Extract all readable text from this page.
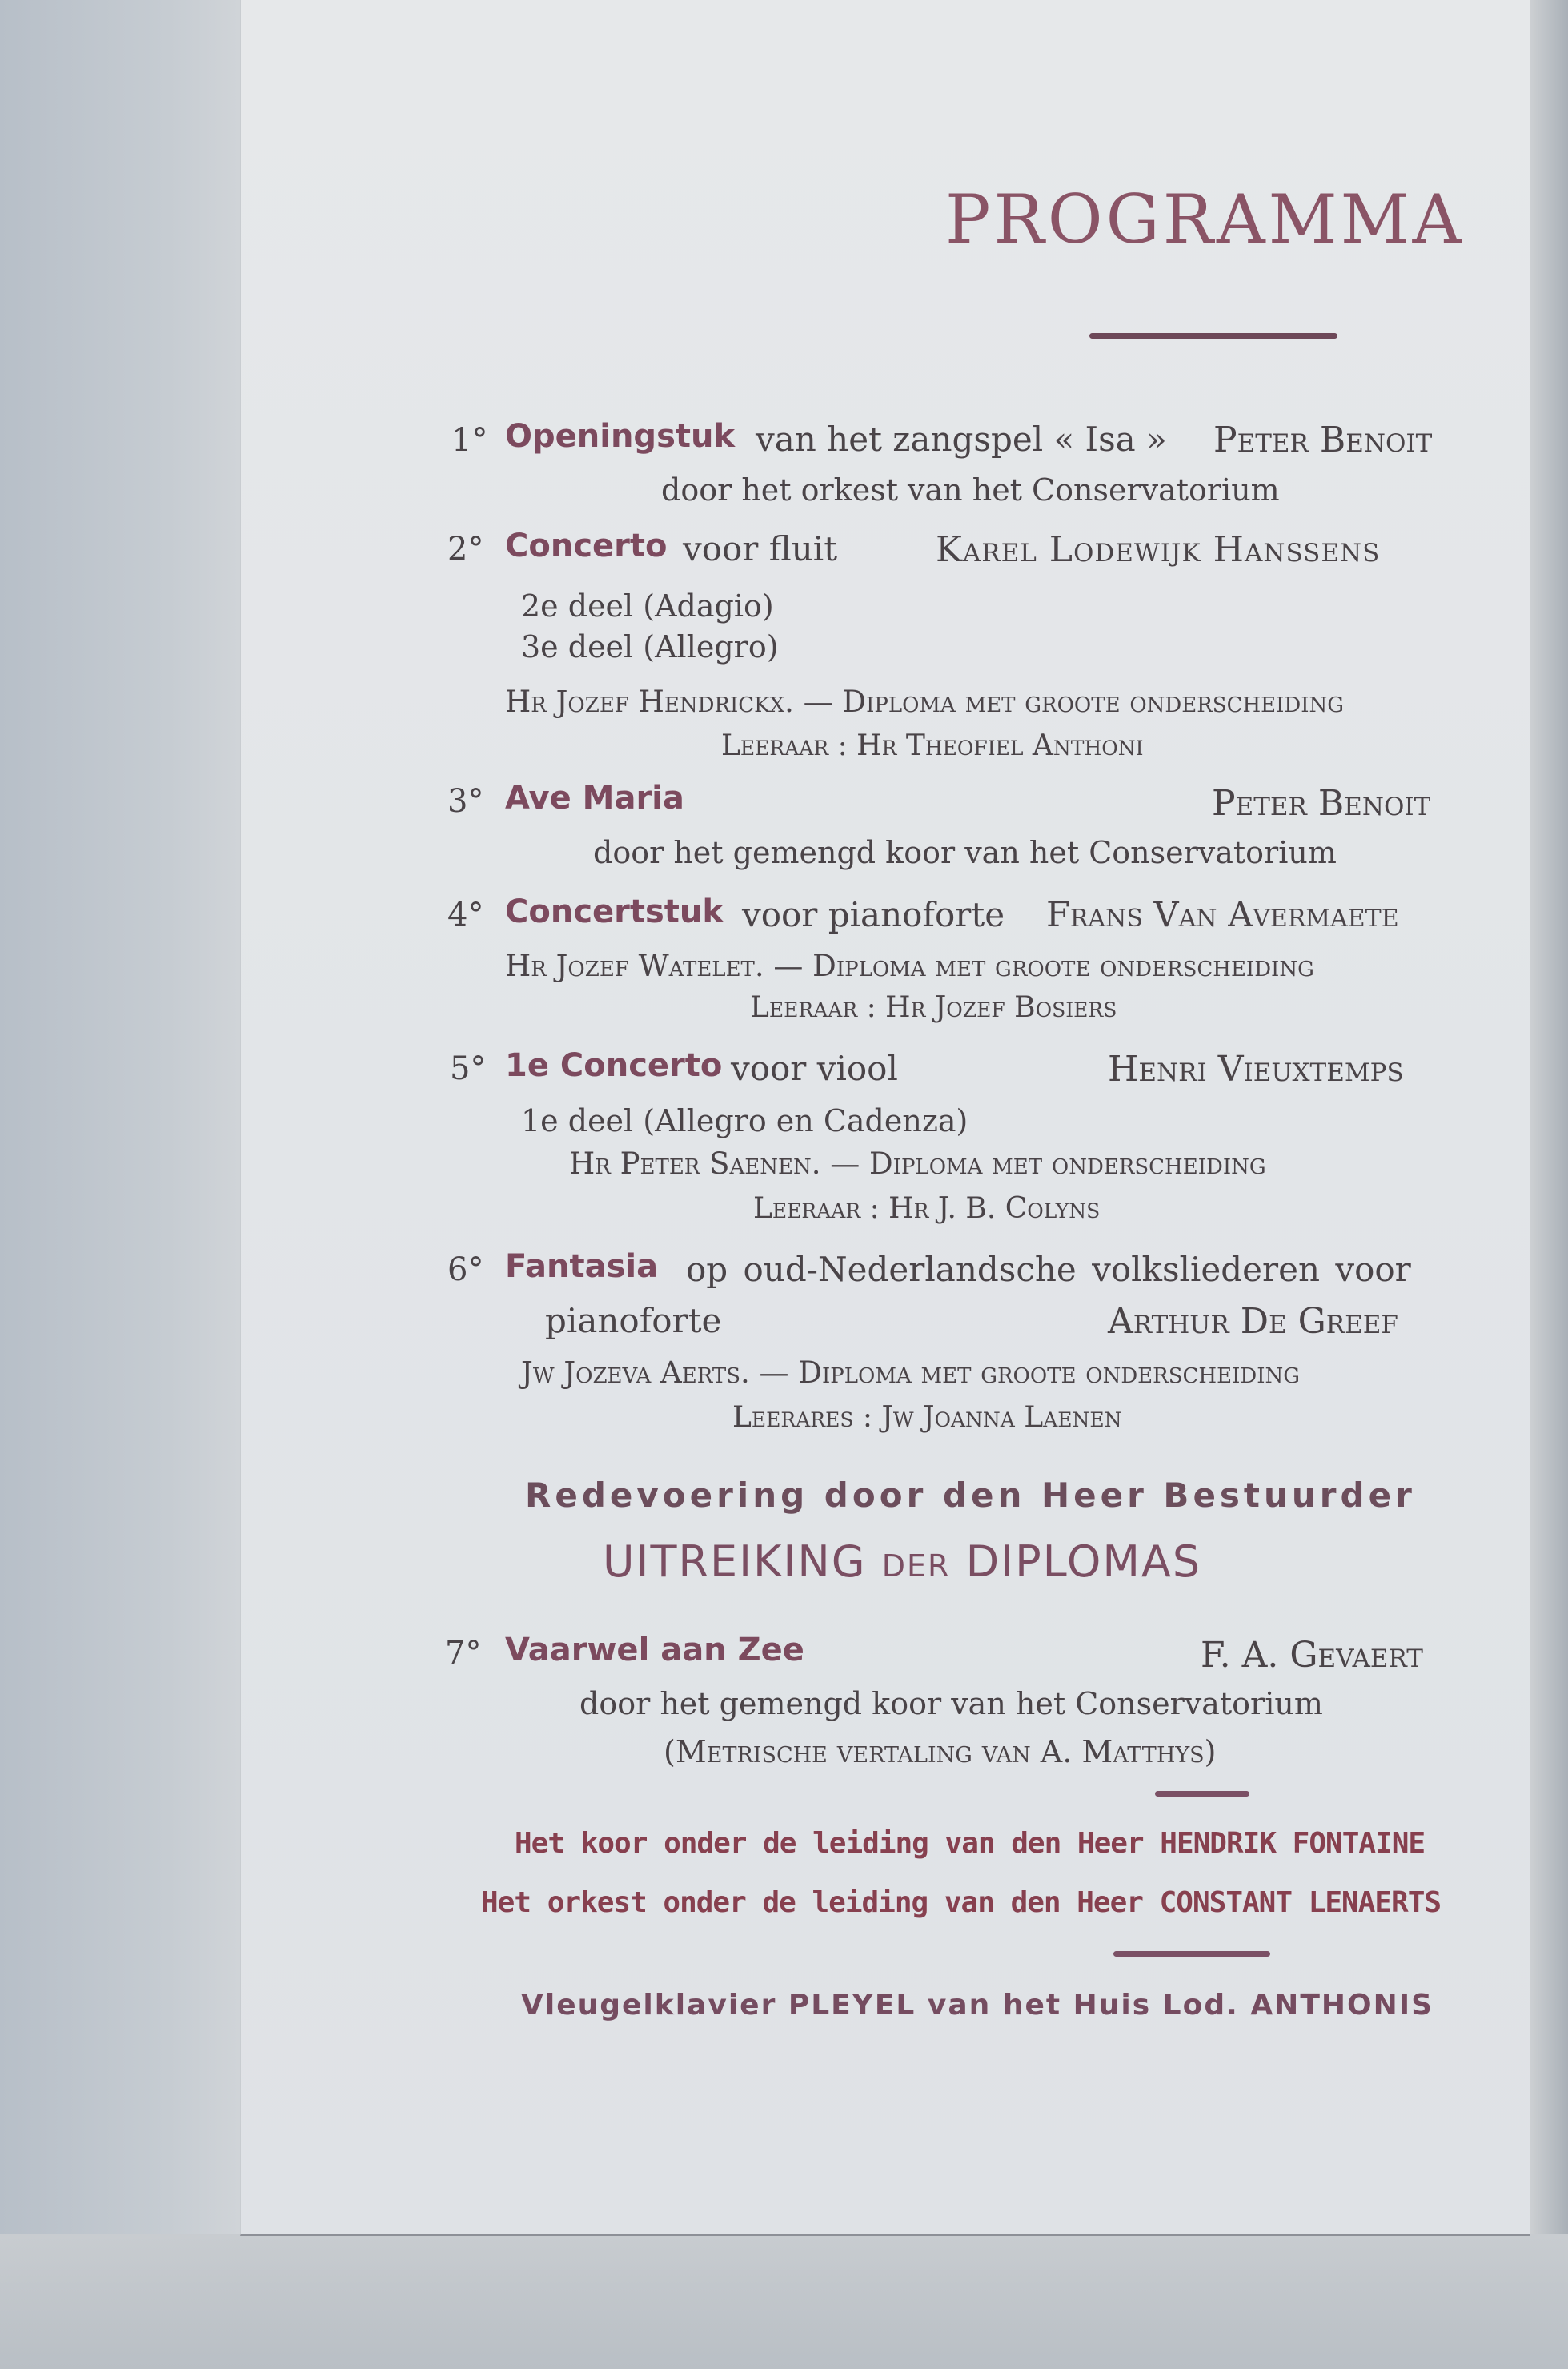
PROGRAMMA
1° Openingstuk van het zangspel « Isa » Peter Benoit
door het orkest van het Conservatorium
2° Concerto voor fluit	Karel Lodewijk Hanssens
2e deel (Adagio)
3e deel (Allegro)
Hr Jozef Hendrickx. — Diploma met groote onderscheiding
Leeraar : Hr Theofiel Anthoni
3° Ave Maria	Peter Benoit
door het gemengd koor van het Conservatorium
4° Concertstuk voor pianoforte Frans Van Avermaete
Hr Jozef Watelet. — Diploma met groote onderscheiding
Leeraar : Hr Jozef Bosiers
5° 1e Concerto voor viool	Henri Vieuxtemps
1e deel (Allegro en Cadenza)
Hr Peter Saenen. — Diploma met onderscheiding
Leeraar : Hr J. B. Colyns
6° Fantasia op oud-Nederlandsche volksliederen voor
pianoforte	Arthur De Greef
Jw Jozeva Aerts. — Diploma met groote onderscheiding
Leerares : Jw Joanna Laenen
Redevoering door den Heer Bestuurder
UITREIKING der DIPLOMAS
7° Vaarwel aan Zee	F. A. Gevaert
door het gemengd koor van het Conservatorium
(Metrische vertaling van A. Matthys)
Het koor onder de leiding van den Heer HENDRIK FONTAINE
Het orkest onder de leiding van den Heer CONSTANT LENAERTS
Vleugelklavier PLEYEL van het Huis Lod. ANTHONIS
